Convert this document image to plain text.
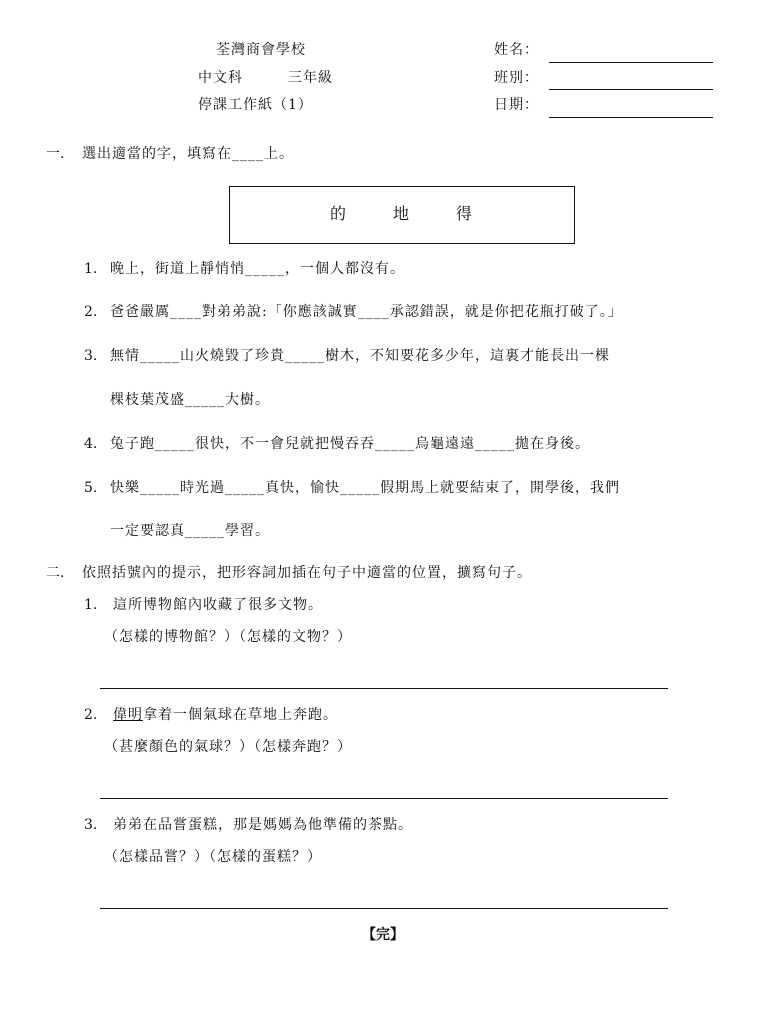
荃灣商會學校
中文科	三年級
停課工作紙（1）
姓名：
班別：
日期：
一. 選出適當的字，填寫在____上。
的	地	得
1. 晚上，街道上靜悄悄_____，一個人都沒有。
2. 爸爸嚴厲____對弟弟說:「你應該誠實____承認錯誤，就是你把花瓶打破了。」
3. 無情_____山火燒毀了珍貴_____樹木，不知要花多少年，這裏才能長出一棵
棵枝葉茂盛_____大樹。
4. 兔子跑_____很快，不一會兒就把慢吞吞_____烏龜遠遠_____拋在身後。
5. 快樂_____時光過_____真快，愉快_____假期馬上就要結束了，開學後，我們
一定要認真_____學習。
二. 依照括號內的提示，把形容詞加插在句子中適當的位置，擴寫句子。
1. 這所博物館內收藏了很多文物。
（怎樣的博物館？）（怎樣的文物？）
2. 偉明拿着一個氣球在草地上奔跑。
（甚麼顏色的氣球？）（怎樣奔跑？）
3. 弟弟在品嘗蛋糕，那是媽媽為他準備的茶點。
（怎樣品嘗？）（怎樣的蛋糕？）
【完】
